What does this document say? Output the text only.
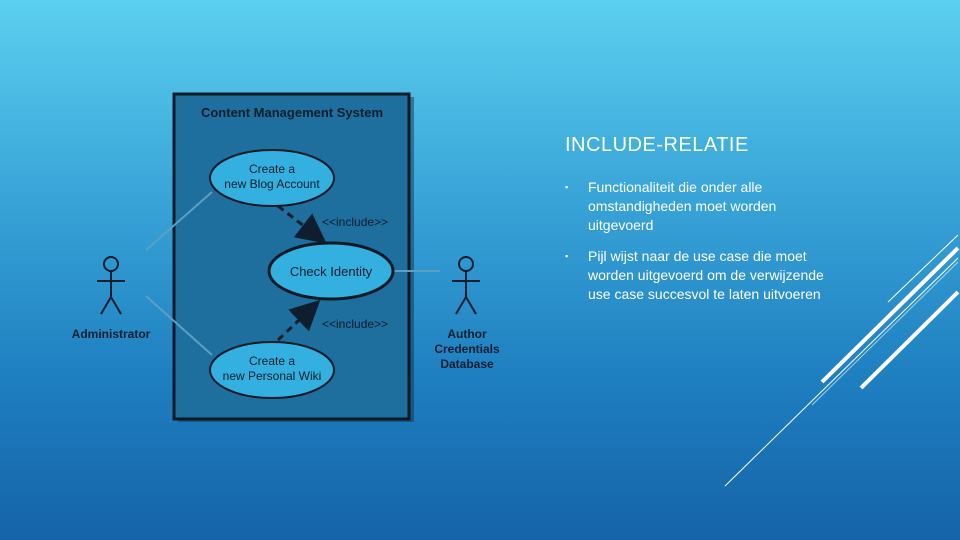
Content Management System
Create a
new Blog Account
Check Identity
Create a
new Personal Wiki
<<include>>
<<include>>
Administrator	Author
Credentials
Database
INCLUDE-RELATIE
▪ Functionaliteit die onder alle omstandigheden moet worden uitgevoerd
▪ Pijl wijst naar de use case die moet worden uitgevoerd om de verwijzende use case succesvol te laten uitvoeren
